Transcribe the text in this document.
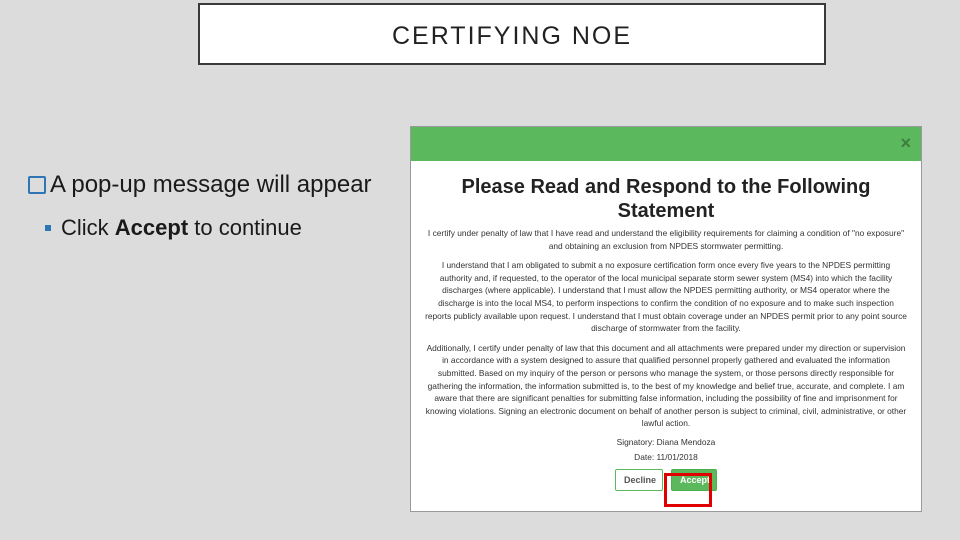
CERTIFYING NOE
A pop-up message will appear
Click Accept to continue
×
Please Read and Respond to the Following Statement

I certify under penalty of law that I have read and understand the eligibility requirements for claiming a condition of "no exposure" and obtaining an exclusion from NPDES stormwater permitting.

I understand that I am obligated to submit a no exposure certification form once every five years to the NPDES permitting authority and, if requested, to the operator of the local municipal separate storm sewer system (MS4) into which the facility discharges (where applicable). I understand that I must allow the NPDES permitting authority, or MS4 operator where the discharge is into the local MS4, to perform inspections to confirm the condition of no exposure and to make such inspection reports publicly available upon request. I understand that I must obtain coverage under an NPDES permit prior to any point source discharge of stormwater from the facility.

Additionally, I certify under penalty of law that this document and all attachments were prepared under my direction or supervision in accordance with a system designed to assure that qualified personnel properly gathered and evaluated the information submitted. Based on my inquiry of the person or persons who manage the system, or those persons directly responsible for gathering the information, the information submitted is, to the best of my knowledge and belief true, accurate, and complete. I am aware that there are significant penalties for submitting false information, including the possibility of fine and imprisonment for knowing violations. Signing an electronic document on behalf of another person is subject to criminal, civil, administrative, or other lawful action.

Signatory: Diana Mendoza
Date: 11/01/2018
Decline	Accept
